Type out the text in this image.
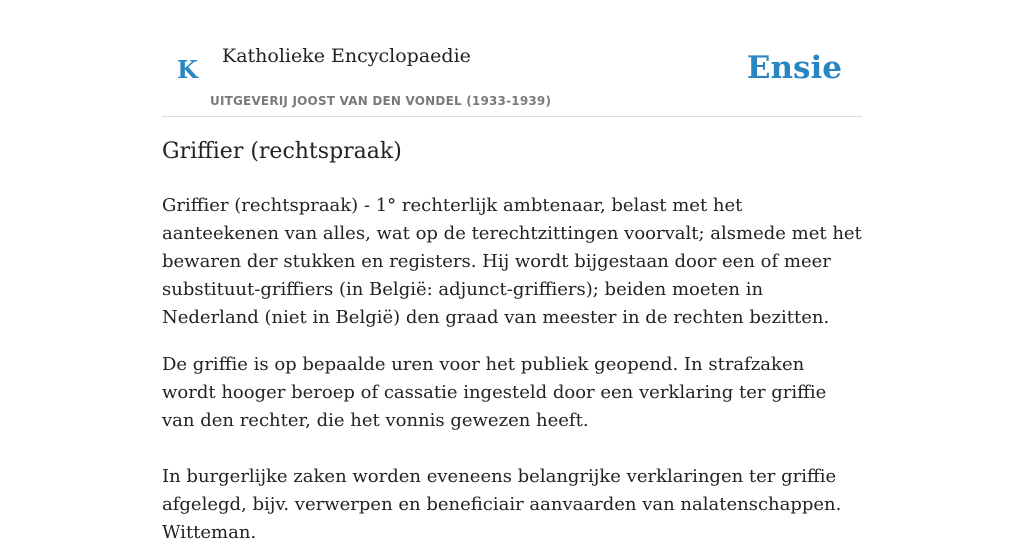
K Katholieke Encyclopaedie
UITGEVERIJ JOOST VAN DEN VONDEL (1933-1939)
Ensie
Griffier (rechtspraak)

Griffier (rechtspraak) - 1° rechterlijk ambtenaar, belast met het aanteekenen van alles, wat op de terechtzittingen voorvalt; alsmede met het bewaren der stukken en registers. Hij wordt bijgestaan door een of meer substituut-griffiers (in België: adjunct-griffiers); beiden moeten in Nederland (niet in België) den graad van meester in de rechten bezitten.

De griffie is op bepaalde uren voor het publiek geopend. In strafzaken wordt hooger beroep of cassatie ingesteld door een verklaring ter griffie van den rechter, die het vonnis gewezen heeft.

In burgerlijke zaken worden eveneens belangrijke verklaringen ter griffie afgelegd, bijv. verwerpen en beneficiair aanvaarden van nalatenschappen. Witteman.
